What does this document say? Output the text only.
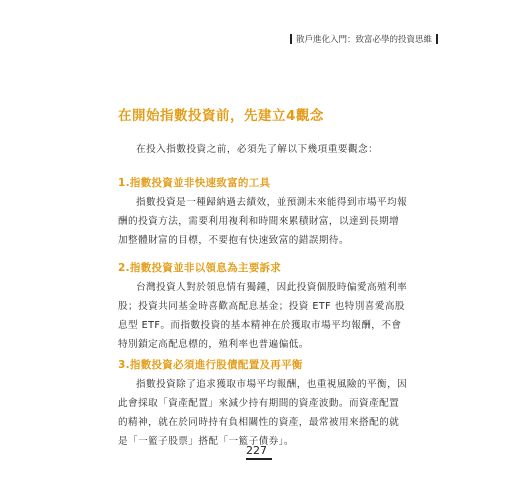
散戶進化入門：致富必學的投資思維
在開始指數投資前，先建立4觀念
在投入指數投資之前，必須先了解以下幾項重要觀念：
1.指數投資並非快速致富的工具
指數投資是一種歸納過去績效，並預測未來能得到市場平均報
酬的投資方法，需要利用複利和時間來累積財富，以達到長期增
加整體財富的目標，不要抱有快速致富的錯誤期待。
2.指數投資並非以領息為主要訴求
台灣投資人對於領息情有獨鍾，因此投資個股時偏愛高殖利率
股；投資共同基金時喜歡高配息基金；投資 ETF 也特別喜愛高股
息型 ETF。而指數投資的基本精神在於獲取市場平均報酬，不會
特別鎖定高配息標的，殖利率也普遍偏低。
3.指數投資必須進行股債配置及再平衡
指數投資除了追求獲取市場平均報酬，也重視風險的平衡，因
此會採取「資產配置」來減少持有期間的資產波動。而資產配置
的精神，就在於同時持有負相關性的資產，最常被用來搭配的就
是「一籃子股票」搭配「一籃子債券」。
227
